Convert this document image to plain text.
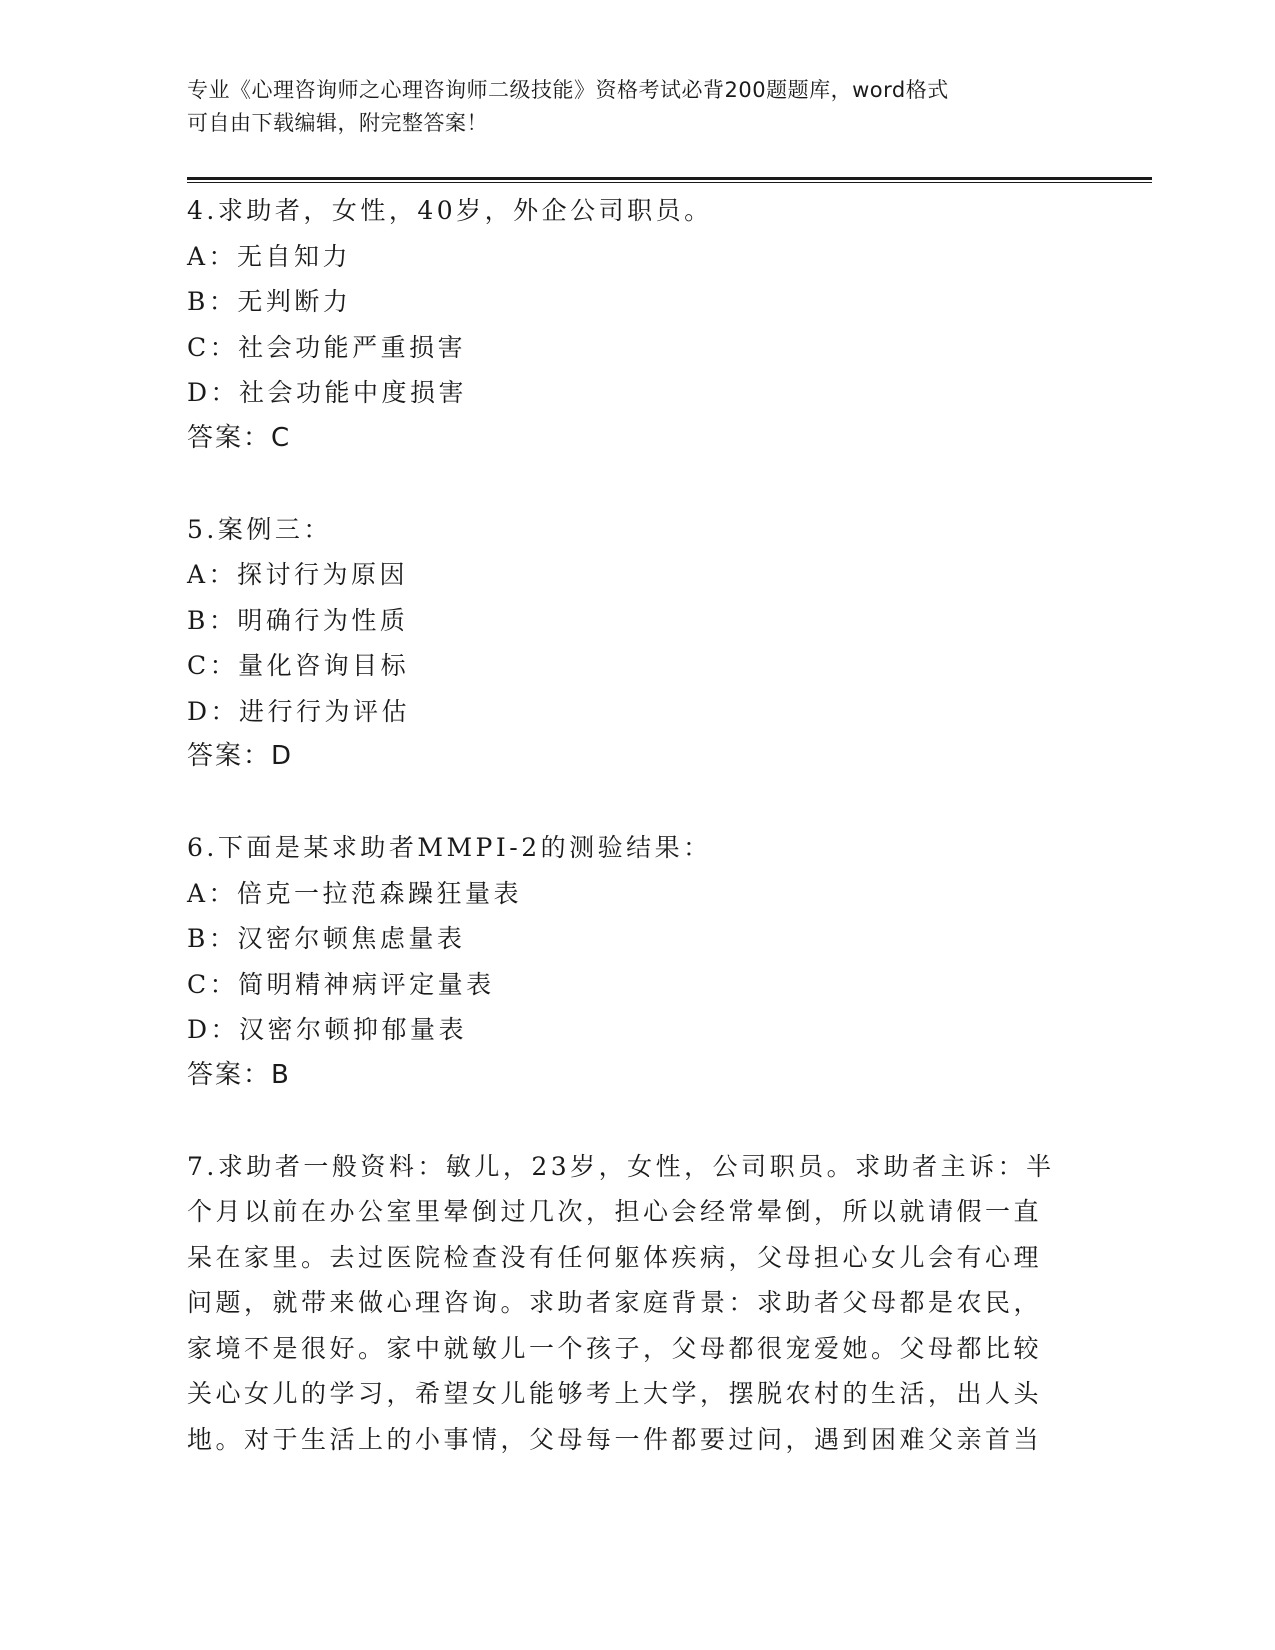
专业《心理咨询师之心理咨询师二级技能》资格考试必背200题题库，word格式
可自由下载编辑，附完整答案！
4.求助者，女性，40岁，外企公司职员。
A：无自知力
B：无判断力
C：社会功能严重损害
D：社会功能中度损害
答案：C
5.案例三：
A：探讨行为原因
B：明确行为性质
C：量化咨询目标
D：进行行为评估
答案：D
6.下面是某求助者MMPI-2的测验结果：
A：倍克一拉范森躁狂量表
B：汉密尔顿焦虑量表
C：简明精神病评定量表
D：汉密尔顿抑郁量表
答案：B
7.求助者一般资料：敏儿，23岁，女性，公司职员。求助者主诉：半
个月以前在办公室里晕倒过几次，担心会经常晕倒，所以就请假一直
呆在家里。去过医院检查没有任何躯体疾病，父母担心女儿会有心理
问题，就带来做心理咨询。求助者家庭背景：求助者父母都是农民，
家境不是很好。家中就敏儿一个孩子，父母都很宠爱她。父母都比较
关心女儿的学习，希望女儿能够考上大学，摆脱农村的生活，出人头
地。对于生活上的小事情，父母每一件都要过问，遇到困难父亲首当
